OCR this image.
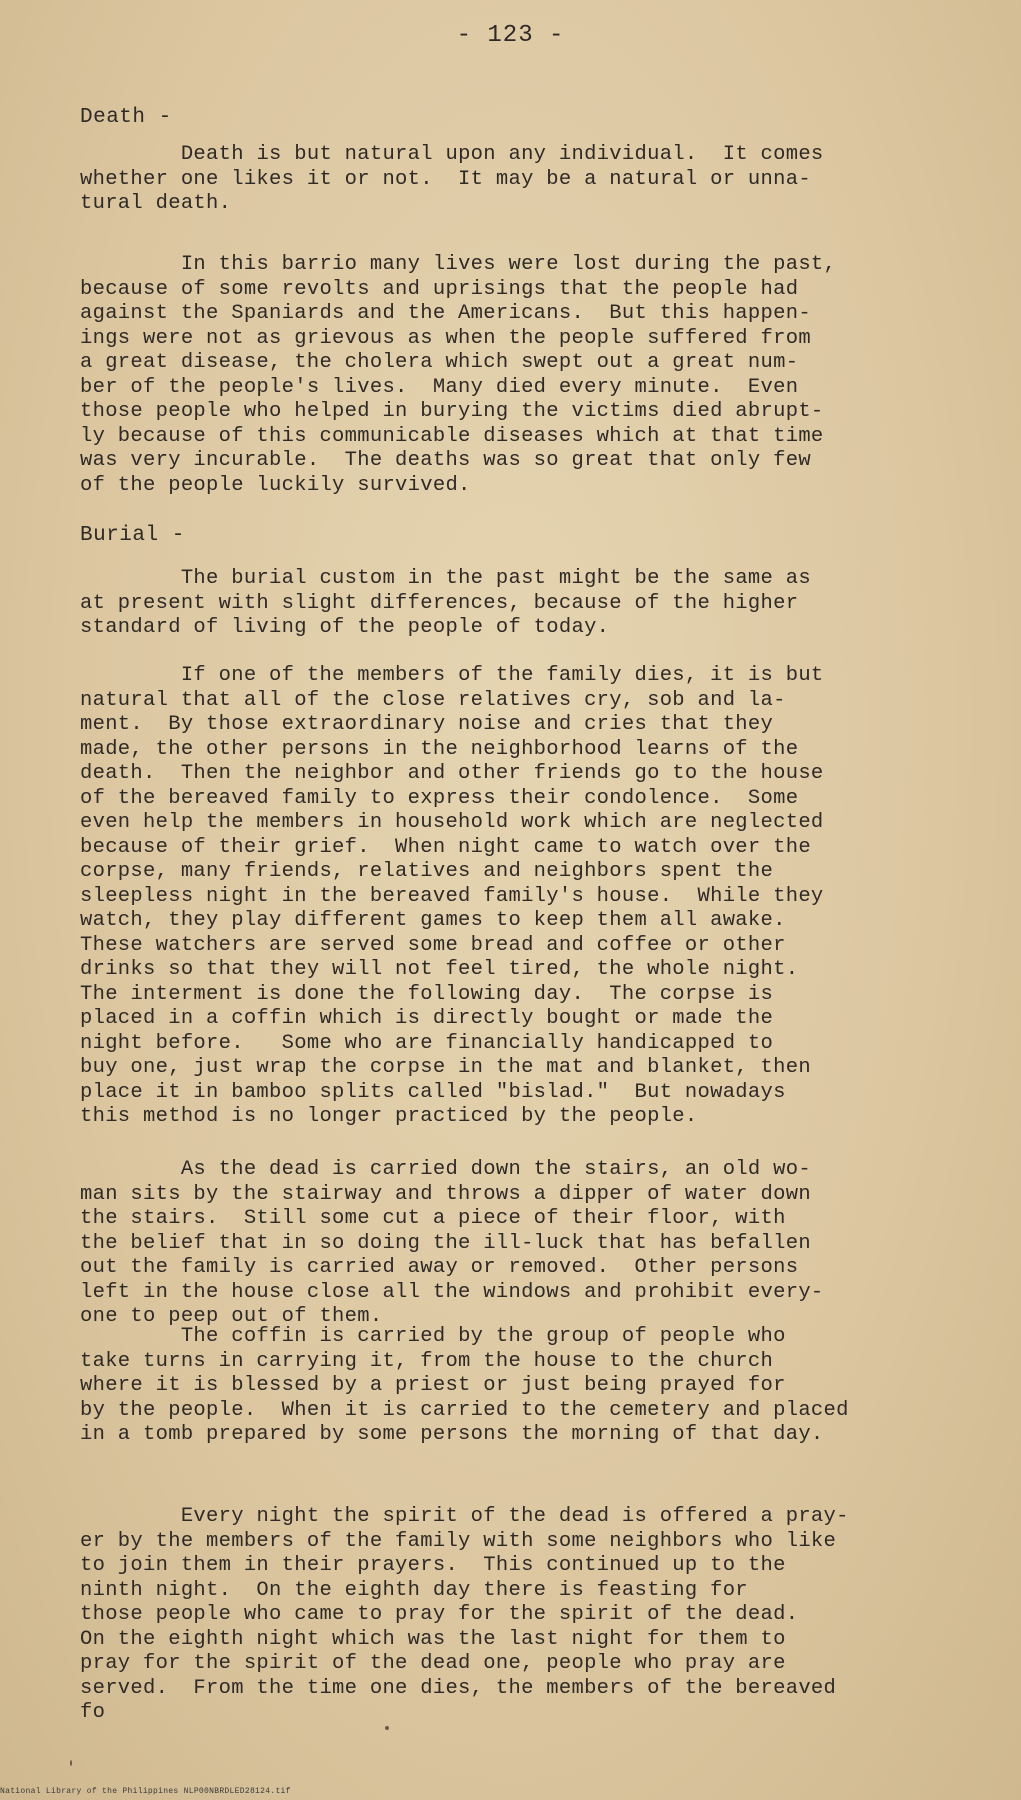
- 123 -
Death -

Death is but natural upon any individual.  It comes
whether one likes it or not.  It may be a natural or unna-
tural death.

In this barrio many lives were lost during the past,
because of some revolts and uprisings that the people had
against the Spaniards and the Americans.  But this happen-
ings were not as grievous as when the people suffered from
a great disease, the cholera which swept out a great num-
ber of the people's lives.  Many died every minute.  Even
those people who helped in burying the victims died abrupt-
ly because of this communicable diseases which at that time
was very incurable.  The deaths was so great that only few
of the people luckily survived.

Burial -

The burial custom in the past might be the same as
at present with slight differences, because of the higher
standard of living of the people of today.

If one of the members of the family dies, it is but
natural that all of the close relatives cry, sob and la-
ment.  By those extraordinary noise and cries that they
made, the other persons in the neighborhood learns of the
death.  Then the neighbor and other friends go to the house
of the bereaved family to express their condolence.  Some
even help the members in household work which are neglected
because of their grief.  When night came to watch over the
corpse, many friends, relatives and neighbors spent the
sleepless night in the bereaved family's house.  While they
watch, they play different games to keep them all awake.
These watchers are served some bread and coffee or other
drinks so that they will not feel tired, the whole night.
The interment is done the following day.  The corpse is
placed in a coffin which is directly bought or made the
night before.   Some who are financially handicapped to
buy one, just wrap the corpse in the mat and blanket, then
place it in bamboo splits called "bislad."  But nowadays
this method is no longer practiced by the people.

As the dead is carried down the stairs, an old wo-
man sits by the stairway and throws a dipper of water down
the stairs.  Still some cut a piece of their floor, with
the belief that in so doing the ill-luck that has befallen
out the family is carried away or removed.  Other persons
left in the house close all the windows and prohibit every-
one to peep out of them.

The coffin is carried by the group of people who
take turns in carrying it, from the house to the church
where it is blessed by a priest or just being prayed for
by the people.  When it is carried to the cemetery and placed
in a tomb prepared by some persons the morning of that day.

Every night the spirit of the dead is offered a pray-
er by the members of the family with some neighbors who like
to join them in their prayers.  This continued up to the
ninth night.  On the eighth day there is feasting for
those people who came to pray for the spirit of the dead.
On the eighth night which was the last night for them to
pray for the spirit of the dead one, people who pray are
served.  From the time one dies, the members of the bereaved
fo

National Library of the Philippines NLP00NBRDLED28124.tif
